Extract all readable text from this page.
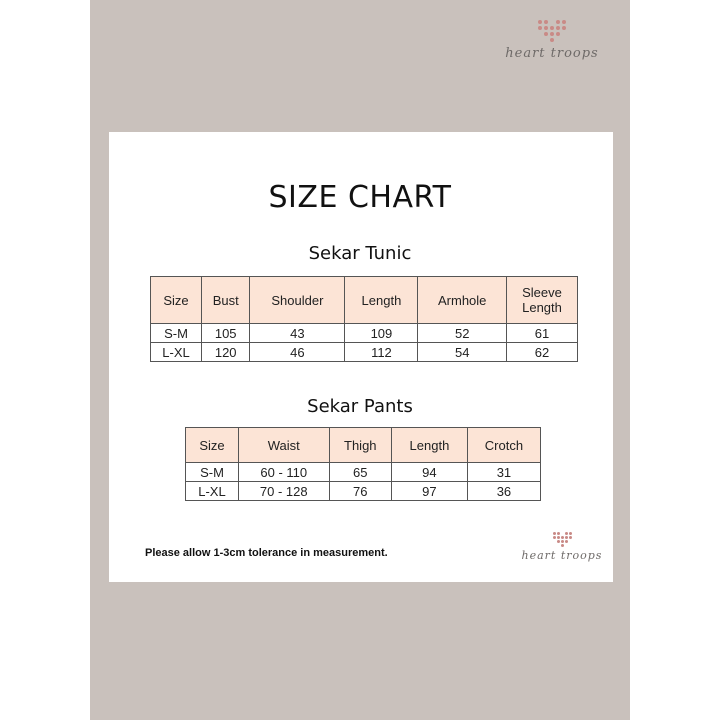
heart troops
SIZE CHART
Sekar Tunic
Size	Bust	Shoulder	Length	Armhole	Sleeve Length
S-M	105	43	109	52	61
L-XL	120	46	112	54	62
Sekar Pants
Size	Waist	Thigh	Length	Crotch
S-M	60 - 110	65	94	31
L-XL	70 - 128	76	97	36
Please allow 1-3cm tolerance in measurement.	heart troops
